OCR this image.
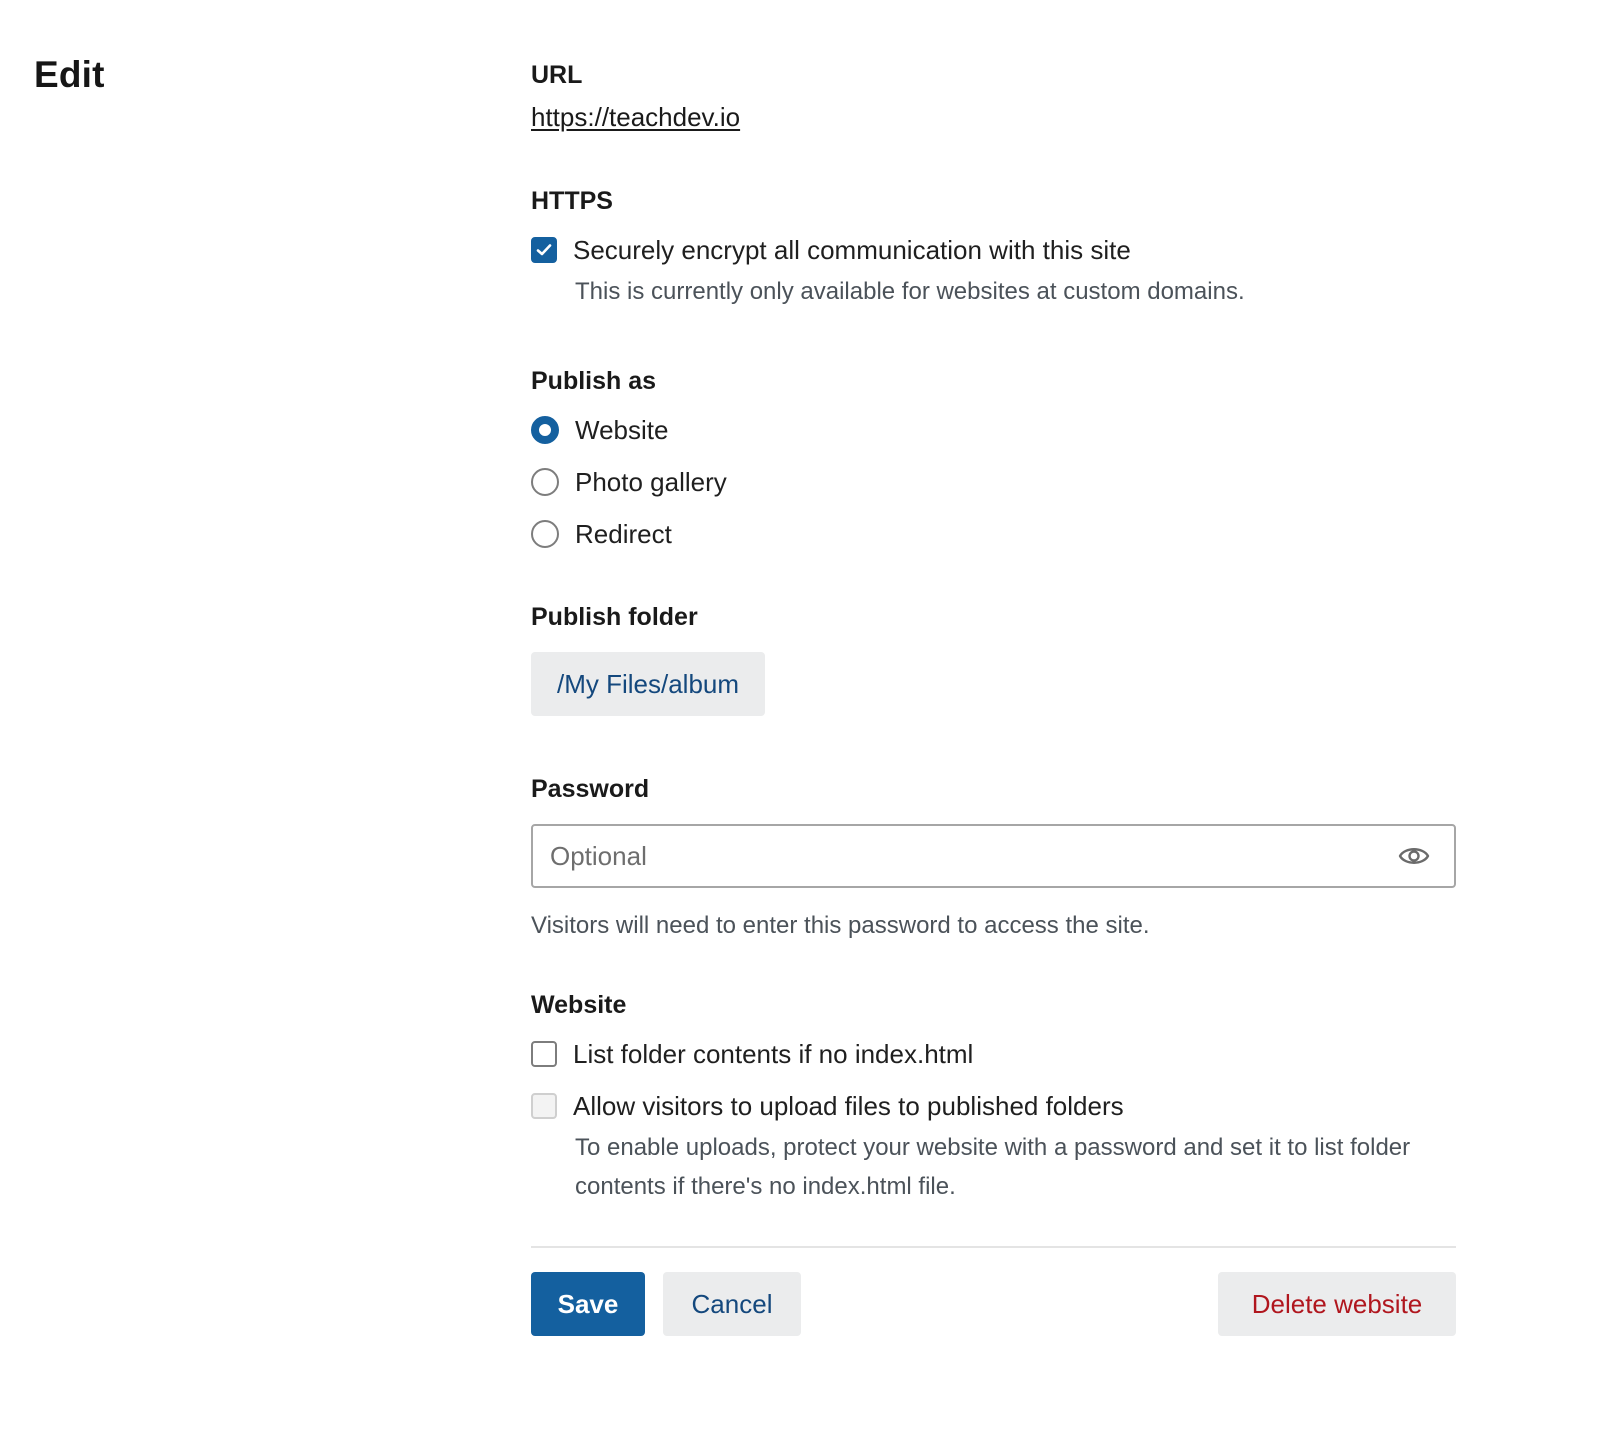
Edit	URL
https://teachdev.io
HTTPS
Securely encrypt all communication with this site
This is currently only available for websites at custom domains.
Publish as
Website
Photo gallery
Redirect
Publish folder
/My Files/album
Password
Visitors will need to enter this password to access the site.
Website
List folder contents if no index.html
Allow visitors to upload files to published folders
To enable uploads, protect your website with a password and set it to list folder contents if there's no index.html file.
Save	Cancel	Delete website
